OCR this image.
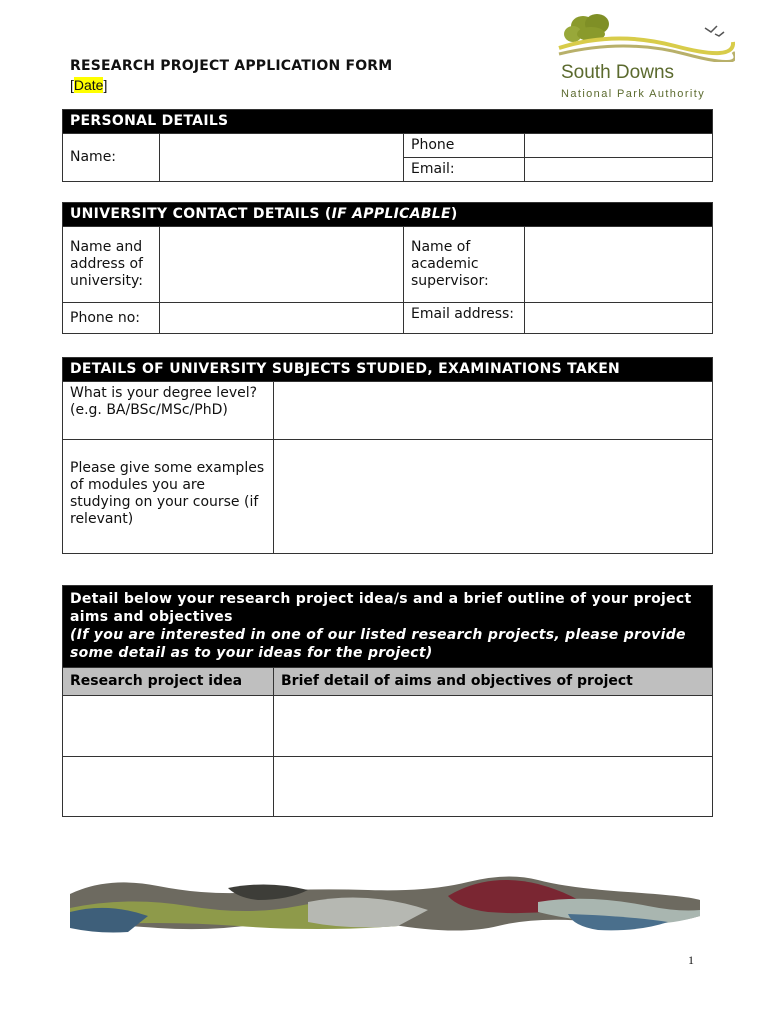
RESEARCH PROJECT APPLICATION FORM
[Date]
South Downs
National Park Authority
PERSONAL DETAILS			
Name:		Phone	
		Email:	
UNIVERSITY CONTACT DETAILS (IF APPLICABLE)			
Name and address of university:		Name of academic supervisor:	
Phone no:		Email address:	

DETAILS OF UNIVERSITY SUBJECTS STUDIED, EXAMINATIONS TAKEN	
What is your degree level? (e.g. BA/BSc/MSc/PhD)	
Please give some examples of modules you are studying on your course (if relevant)	
Detail below your research project idea/s and a brief outline of your project aims and objectives
(If you are interested in one of our listed research projects, please provide some detail as to your ideas for the project)	

Research project idea	Brief detail of aims and objectives of project

1
